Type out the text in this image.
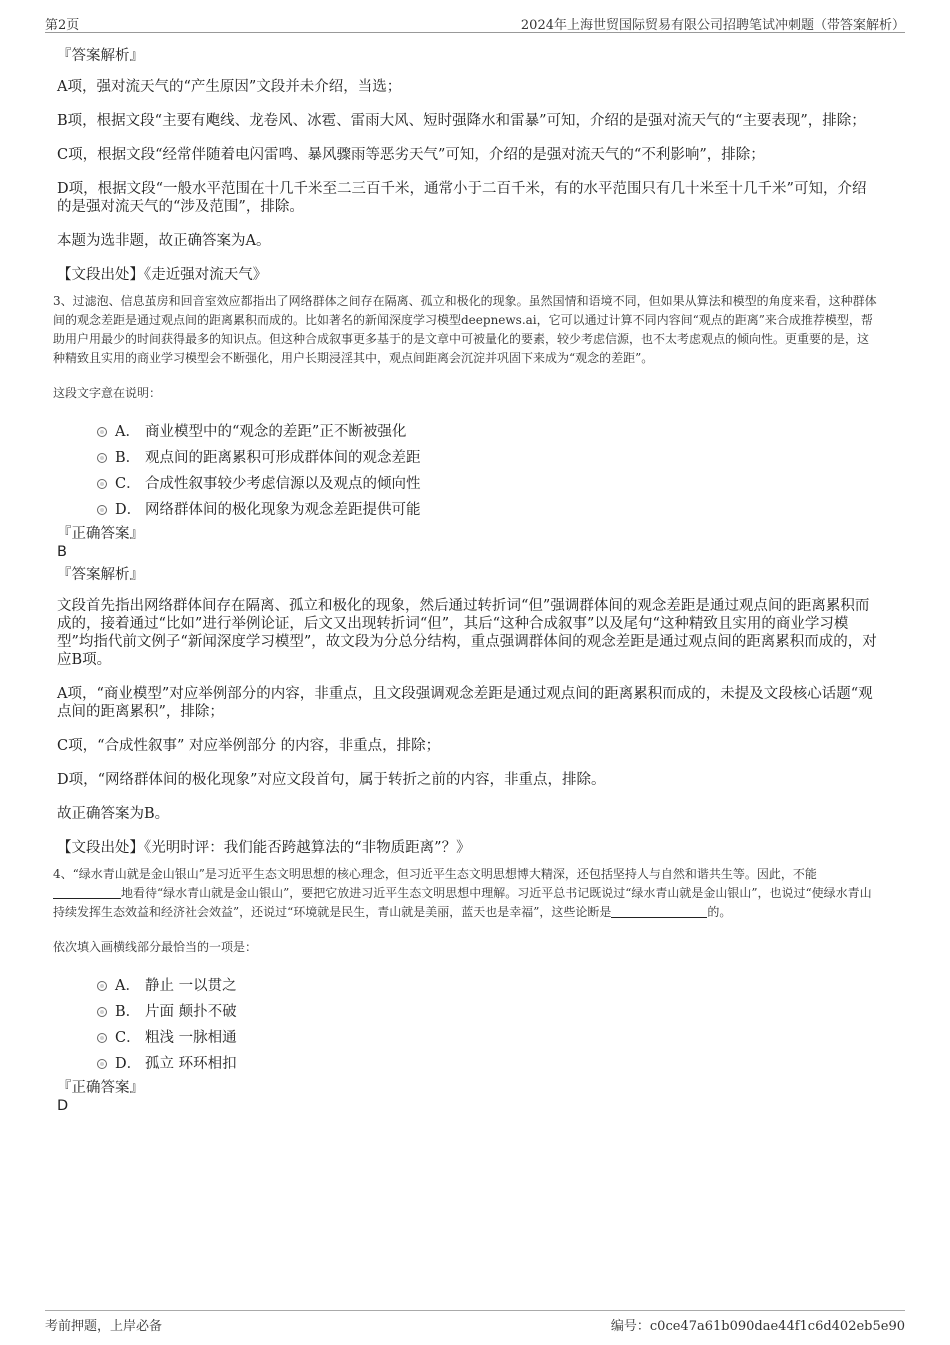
第2页	2024年上海世贸国际贸易有限公司招聘笔试冲刺题（带答案解析）

『答案解析』

A项，强对流天气的“产生原因”文段并未介绍，当选；

B项，根据文段“主要有飑线、龙卷风、冰雹、雷雨大风、短时强降水和雷暴”可知，介绍的是强对流天气的“主要表现”，排除；

C项，根据文段“经常伴随着电闪雷鸣、暴风骤雨等恶劣天气”可知，介绍的是强对流天气的“不利影响”，排除；

D项，根据文段“一般水平范围在十几千米至二三百千米，通常小于二百千米，有的水平范围只有几十米至十几千米”可知，介绍的是强对流天气的“涉及范围”，排除。

本题为选非题，故正确答案为A。

【文段出处】《走近强对流天气》

3、过滤泡、信息茧房和回音室效应都指出了网络群体之间存在隔离、孤立和极化的现象。虽然国情和语境不同，但如果从算法和模型的角度来看，这种群体间的观念差距是通过观点间的距离累积而成的。比如著名的新闻深度学习模型deepnews.ai，它可以通过计算不同内容间“观点的距离”来合成推荐模型，帮助用户用最少的时间获得最多的知识点。但这种合成叙事更多基于的是文章中可被量化的要素，较少考虑信源，也不太考虑观点的倾向性。更重要的是，这种精致且实用的商业学习模型会不断强化，用户长期浸淫其中，观点间距离会沉淀并巩固下来成为“观念的差距”。

这段文字意在说明：

A． 商业模型中的“观念的差距”正不断被强化
B． 观点间的距离累积可形成群体间的观念差距
C． 合成性叙事较少考虑信源以及观点的倾向性
D． 网络群体间的极化现象为观念差距提供可能

『正确答案』

B

『答案解析』

文段首先指出网络群体间存在隔离、孤立和极化的现象，然后通过转折词“但”强调群体间的观念差距是通过观点间的距离累积而成的，接着通过“比如”进行举例论证，后文又出现转折词“但”，其后“这种合成叙事”以及尾句“这种精致且实用的商业学习模型”均指代前文例子“新闻深度学习模型”，故文段为分总分结构，重点强调群体间的观念差距是通过观点间的距离累积而成的，对应B项。

A项，“商业模型”对应举例部分的内容，非重点，且文段强调观念差距是通过观点间的距离累积而成的，未提及文段核心话题“观点间的距离累积”，排除；

C项，“合成性叙事” 对应举例部分 的内容，非重点，排除；

D项，“网络群体间的极化现象”对应文段首句，属于转折之前的内容，非重点，排除。

故正确答案为B。

【文段出处】《光明时评：我们能否跨越算法的“非物质距离”？》

4、“绿水青山就是金山银山”是习近平生态文明思想的核心理念，但习近平生态文明思想博大精深，还包括坚持人与自然和谐共生等。因此，不能地看待“绿水青山就是金山银山”，要把它放进习近平生态文明思想中理解。习近平总书记既说过“绿水青山就是金山银山”，也说过“使绿水青山持续发挥生态效益和经济社会效益”，还说过“环境就是民生，青山就是美丽，蓝天也是幸福”，这些论断是	的。

依次填入画横线部分最恰当的一项是：

A． 静止 一以贯之
B． 片面 颠扑不破
C． 粗浅 一脉相通
D． 孤立 环环相扣

『正确答案』

D

考前押题，上岸必备	编号：c0ce47a61b090dae44f1c6d402eb5e90
